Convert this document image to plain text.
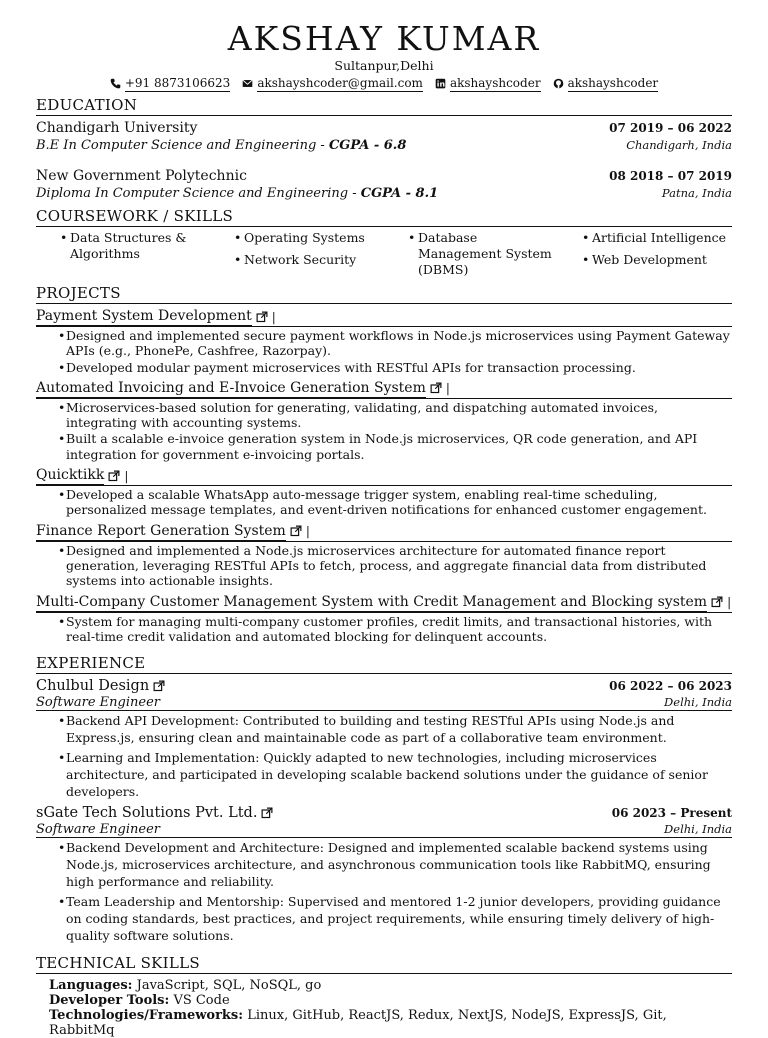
AKSHAY KUMAR
Sultanpur,Delhi
+91 8873106623 akshayshcoder@gmail.com akshayshcoder akshayshcoder
EDUCATION
Chandigarh University	07 2019 – 06 2022
B.E In Computer Science and Engineering - CGPA - 6.8	Chandigarh, India
New Government Polytechnic	08 2018 – 07 2019
Diploma In Computer Science and Engineering - CGPA - 8.1	Patna, India
COURSEWORK / SKILLS
• Data Structures & Algorithms
• Operating Systems
• Network Security
• Database Management System (DBMS)
• Artificial Intelligence
• Web Development
PROJECTS
Payment System Development |
• Designed and implemented secure payment workflows in Node.js microservices using Payment Gateway APIs (e.g., PhonePe, Cashfree, Razorpay).
• Developed modular payment microservices with RESTful APIs for transaction processing.
Automated Invoicing and E-Invoice Generation System |
• Microservices-based solution for generating, validating, and dispatching automated invoices, integrating with accounting systems.
• Built a scalable e-invoice generation system in Node.js microservices, QR code generation, and API integration for government e-invoicing portals.
Quicktikk |
• Developed a scalable WhatsApp auto-message trigger system, enabling real-time scheduling, personalized message templates, and event-driven notifications for enhanced customer engagement.
Finance Report Generation System |
• Designed and implemented a Node.js microservices architecture for automated finance report generation, leveraging RESTful APIs to fetch, process, and aggregate financial data from distributed systems into actionable insights.
Multi-Company Customer Management System with Credit Management and Blocking system |
• System for managing multi-company customer profiles, credit limits, and transactional histories, with real-time credit validation and automated blocking for delinquent accounts.
EXPERIENCE
Chulbul Design	06 2022 – 06 2023
Software Engineer	Delhi, India
• Backend API Development: Contributed to building and testing RESTful APIs using Node.js and Express.js, ensuring clean and maintainable code as part of a collaborative team environment.
• Learning and Implementation: Quickly adapted to new technologies, including microservices architecture, and participated in developing scalable backend solutions under the guidance of senior developers.
sGate Tech Solutions Pvt. Ltd.	06 2023 – Present
Software Engineer	Delhi, India
• Backend Development and Architecture: Designed and implemented scalable backend systems using Node.js, microservices architecture, and asynchronous communication tools like RabbitMQ, ensuring high performance and reliability.
• Team Leadership and Mentorship: Supervised and mentored 1-2 junior developers, providing guidance on coding standards, best practices, and project requirements, while ensuring timely delivery of high-quality software solutions.
TECHNICAL SKILLS
Languages: JavaScript, SQL, NoSQL, go
Developer Tools: VS Code
Technologies/Frameworks: Linux, GitHub, ReactJS, Redux, NextJS, NodeJS, ExpressJS, Git, RabbitMq
